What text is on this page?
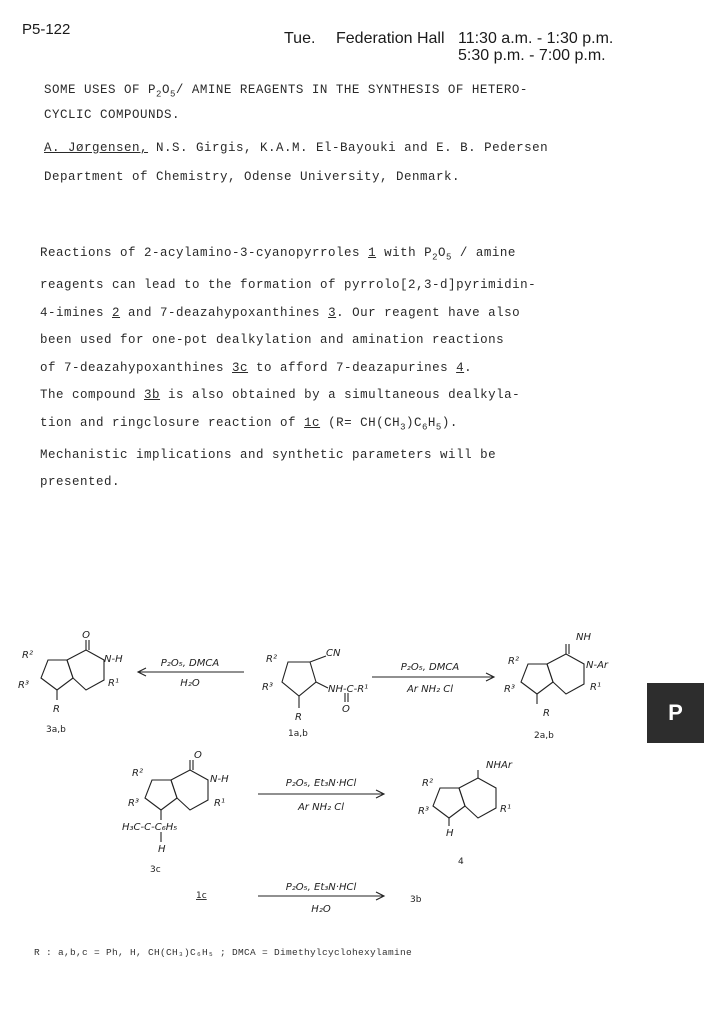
P5-122
Tue.	Federation Hall 11:30 a.m. - 1:30 p.m.
5:30 p.m. - 7:00 p.m.
SOME USES OF $P_2O_5/$ AMINE REAGENTS IN THE SYNTHESIS OF HETERO-
CYCLIC COMPOUNDS.
A. Jørgensen, N.S. Girgis, K.A.M. El-Bayouki and E. B. Pedersen
Department of Chemistry, Odense University, Denmark.

Reactions of 2-acylamino-3-cyanopyrroles 1 with $P_2O_5$ / amine

reagents can lead to the formation of pyrrolo[2,3-d]pyrimidin-

4-imines 2 and 7-deazahypoxanthines 3. Our reagent have also

been used for one-pot dealkylation and amination reactions

of 7-deazahypoxanthines 3c to afford 7-deazapurines 4.

The compound 3b is also obtained by a simultaneous dealkyla-

tion and ringclosure reaction of 1c $(R= CH(CH_3)C_6H_5)$.

Mechanistic implications and synthetic parameters will be

presented.

O
N-H
R¹
R²
R³
R
3a,b
P₂O₅, DMCA
H₂O
R²
R³
CN
NH-C-R¹
O
R
1a,b
P₂O₅, DMCA
Ar NH₂ Cl
NH
N-Ar
R¹
R²
R³
R
2a,b
O
N-H
R¹
R²
R³
H₃C-C-C₆H₅
H
3c
P₂O₅, Et₃N·HCl
Ar NH₂ Cl
NHAr
R¹
R²
R³
H
4
1c
P₂O₅, Et₃N·HCl
H₂O
3b
R : a,b,c = Ph, H, CH(CH₃)C₆H₅ ; DMCA = Dimethylcyclohexylamine
P
